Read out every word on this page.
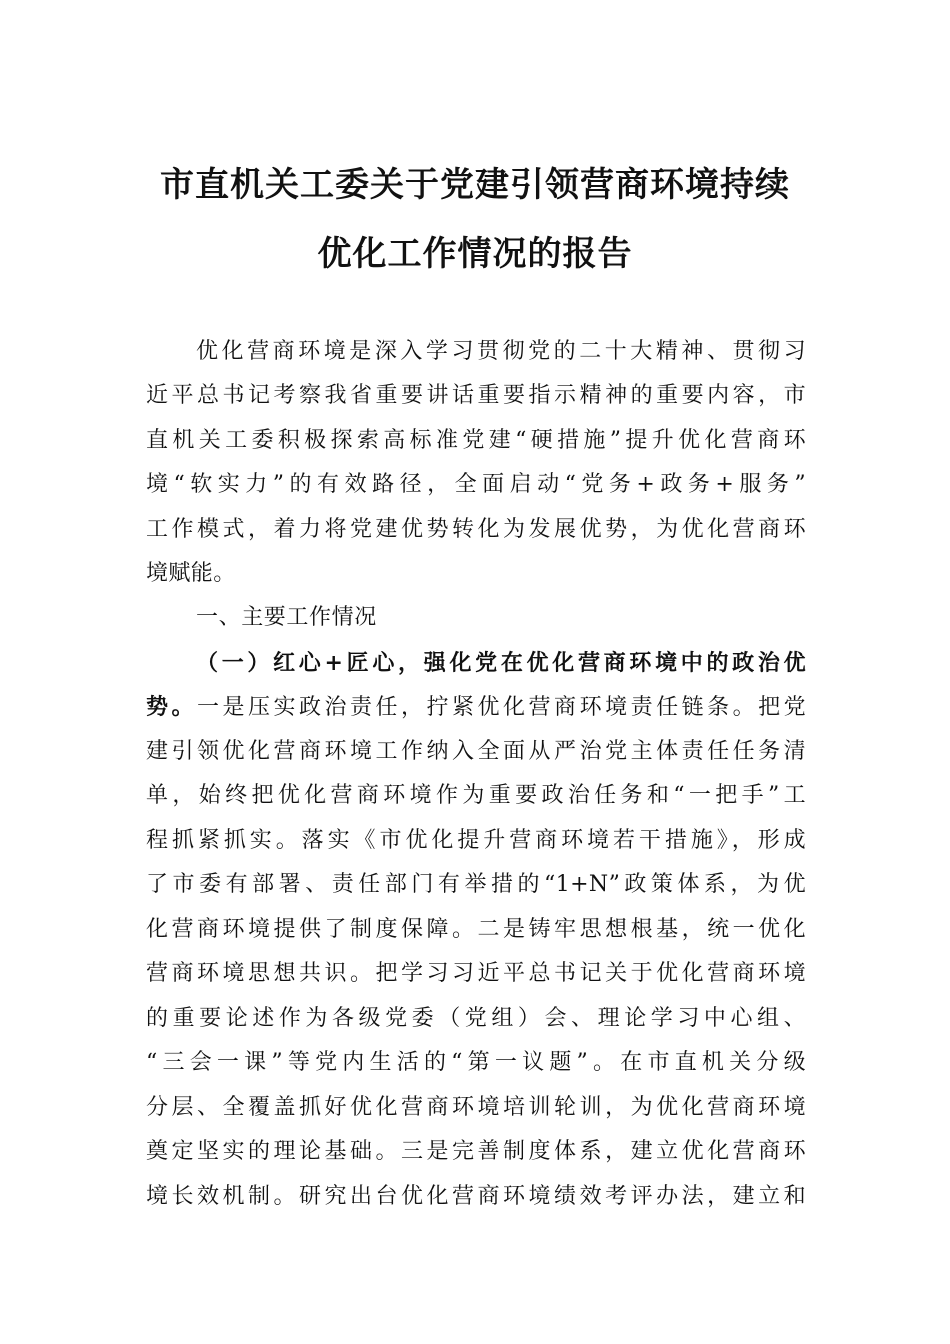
市直机关工委关于党建引领营商环境持续
优化工作情况的报告
优化营商环境是深入学习贯彻党的二十大精神、贯彻习
近平总书记考察我省重要讲话重要指示精神的重要内容，市
直机关工委积极探索高标准党建“硬措施”提升优化营商环
境“软实力”的有效路径，全面启动“党务+政务+服务”
工作模式，着力将党建优势转化为发展优势，为优化营商环
境赋能。
一、主要工作情况
（一）红心+匠心，强化党在优化营商环境中的政治优
势。一是压实政治责任，拧紧优化营商环境责任链条。把党
建引领优化营商环境工作纳入全面从严治党主体责任任务清
单，始终把优化营商环境作为重要政治任务和“一把手”工
程抓紧抓实。落实《市优化提升营商环境若干措施》，形成
了市委有部署、责任部门有举措的“1+N”政策体系，为优
化营商环境提供了制度保障。二是铸牢思想根基，统一优化
营商环境思想共识。把学习习近平总书记关于优化营商环境
的重要论述作为各级党委（党组）会、理论学习中心组、
“三会一课”等党内生活的“第一议题”。在市直机关分级
分层、全覆盖抓好优化营商环境培训轮训，为优化营商环境
奠定坚实的理论基础。三是完善制度体系，建立优化营商环
境长效机制。研究出台优化营商环境绩效考评办法，建立和
